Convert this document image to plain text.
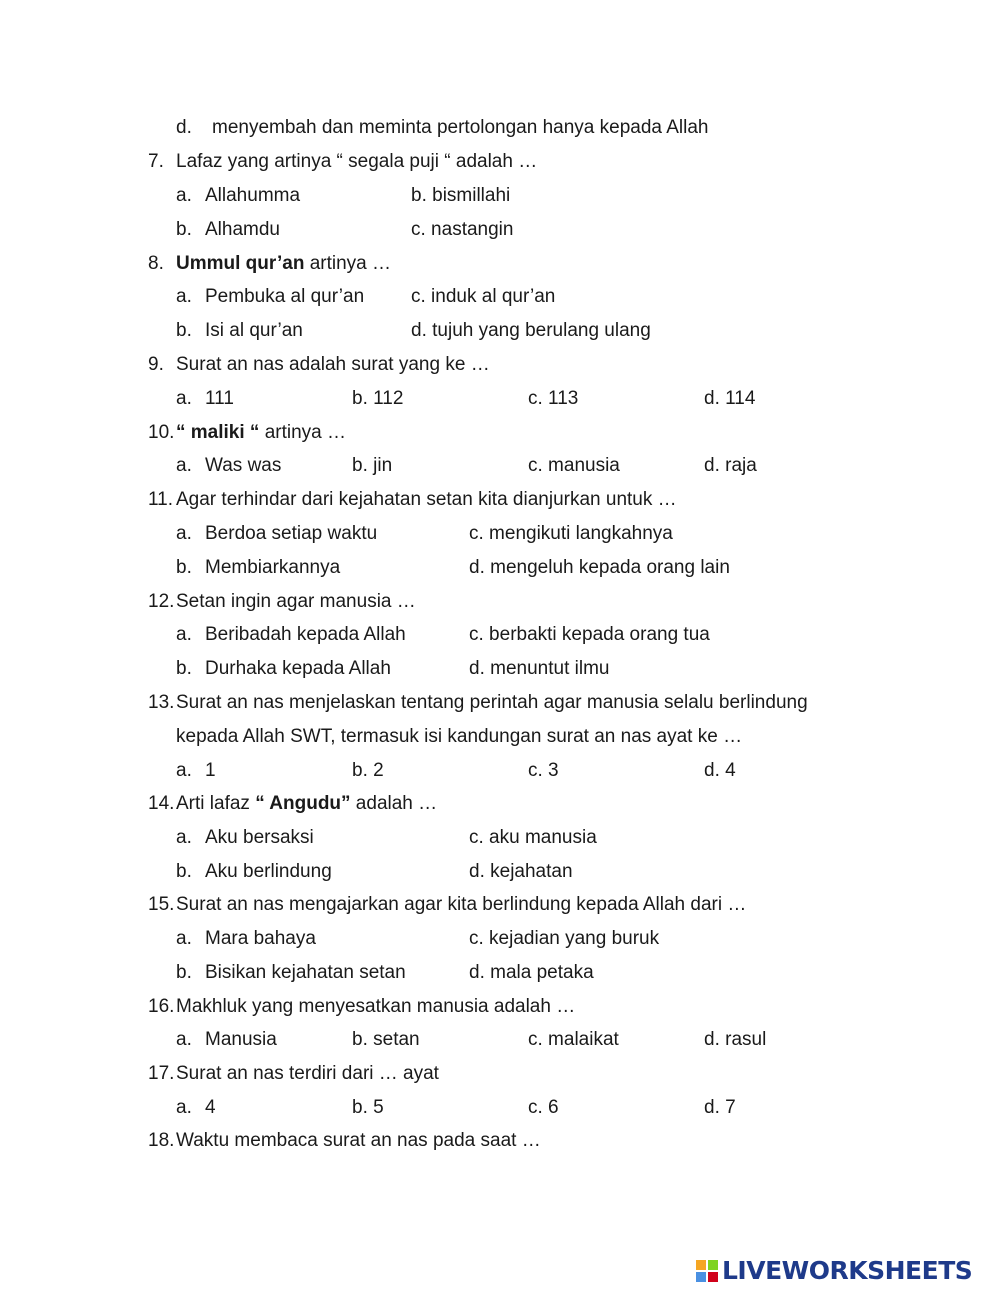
d. menyembah dan meminta pertolongan hanya kepada Allah
7. Lafaz yang artinya “ segala puji “ adalah …
a. Allahumma	b. bismillahi
b. Alhamdu	c. nastangin
8. Ummul qur’an artinya …
a. Pembuka al qur’an c. induk al qur’an
b. Isi al qur’an	d. tujuh yang berulang ulang
9. Surat an nas adalah surat yang ke …
a. 111	b. 112	c. 113	d. 114
10. “ maliki “ artinya …
a. Was was	b. jin	c. manusia	d. raja
11. Agar terhindar dari kejahatan setan kita dianjurkan untuk …
a. Berdoa setiap waktu	c. mengikuti langkahnya
b. Membiarkannya	d. mengeluh kepada orang lain
12. Setan ingin agar manusia …
a. Beribadah kepada Allah	c. berbakti kepada orang tua
b. Durhaka kepada Allah	d. menuntut ilmu
13. Surat an nas menjelaskan tentang perintah agar manusia selalu berlindung
kepada Allah SWT, termasuk isi kandungan surat an nas ayat ke …
a. 1	b. 2	c. 3	d. 4
14. Arti lafaz “ Angudu” adalah …
a. Aku bersaksi	c. aku manusia
b. Aku berlindung	d. kejahatan
15. Surat an nas mengajarkan agar kita berlindung kepada Allah dari …
a. Mara bahaya	c. kejadian yang buruk
b. Bisikan kejahatan setan	d. mala petaka
16. Makhluk yang menyesatkan manusia adalah …
a. Manusia	b. setan	c. malaikat	d. rasul
17. Surat an nas terdiri dari … ayat
a. 4	b. 5	c. 6	d. 7
18. Waktu membaca surat an nas pada saat …
LIVEWORKSHEETS
